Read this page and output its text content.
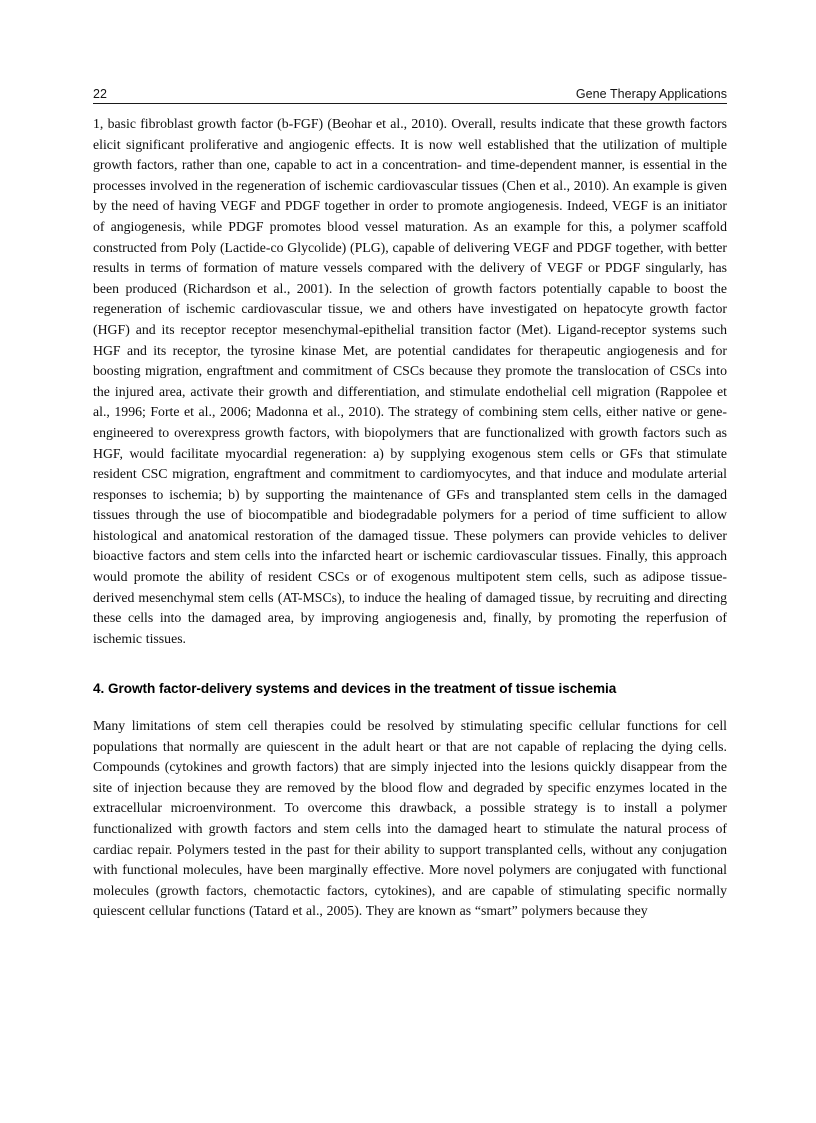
22	Gene Therapy Applications

1, basic fibroblast growth factor (b-FGF) (Beohar et al., 2010). Overall, results indicate that these growth factors elicit significant proliferative and angiogenic effects. It is now well established that the utilization of multiple growth factors, rather than one, capable to act in a concentration- and time-dependent manner, is essential in the processes involved in the regeneration of ischemic cardiovascular tissues (Chen et al., 2010). An example is given by the need of having VEGF and PDGF together in order to promote angiogenesis. Indeed, VEGF is an initiator of angiogenesis, while PDGF promotes blood vessel maturation. As an example for this, a polymer scaffold constructed from Poly (Lactide-co Glycolide) (PLG), capable of delivering VEGF and PDGF together, with better results in terms of formation of mature vessels compared with the delivery of VEGF or PDGF singularly, has been produced (Richardson et al., 2001). In the selection of growth factors potentially capable to boost the regeneration of ischemic cardiovascular tissue, we and others have investigated on hepatocyte growth factor (HGF) and its receptor receptor mesenchymal-epithelial transition factor (Met). Ligand-receptor systems such HGF and its receptor, the tyrosine kinase Met, are potential candidates for therapeutic angiogenesis and for boosting migration, engraftment and commitment of CSCs because they promote the translocation of CSCs into the injured area, activate their growth and differentiation, and stimulate endothelial cell migration (Rappolee et al., 1996; Forte et al., 2006; Madonna et al., 2010). The strategy of combining stem cells, either native or gene-engineered to overexpress growth factors, with biopolymers that are functionalized with growth factors such as HGF, would facilitate myocardial regeneration: a) by supplying exogenous stem cells or GFs that stimulate resident CSC migration, engraftment and commitment to cardiomyocytes, and that induce and modulate arterial responses to ischemia; b) by supporting the maintenance of GFs and transplanted stem cells in the damaged tissues through the use of biocompatible and biodegradable polymers for a period of time sufficient to allow histological and anatomical restoration of the damaged tissue. These polymers can provide vehicles to deliver bioactive factors and stem cells into the infarcted heart or ischemic cardiovascular tissues. Finally, this approach would promote the ability of resident CSCs or of exogenous multipotent stem cells, such as adipose tissue-derived mesenchymal stem cells (AT-MSCs), to induce the healing of damaged tissue, by recruiting and directing these cells into the damaged area, by improving angiogenesis and, finally, by promoting the reperfusion of ischemic tissues.

4. Growth factor-delivery systems and devices in the treatment of tissue ischemia

Many limitations of stem cell therapies could be resolved by stimulating specific cellular functions for cell populations that normally are quiescent in the adult heart or that are not capable of replacing the dying cells. Compounds (cytokines and growth factors) that are simply injected into the lesions quickly disappear from the site of injection because they are removed by the blood flow and degraded by specific enzymes located in the extracellular microenvironment. To overcome this drawback, a possible strategy is to install a polymer functionalized with growth factors and stem cells into the damaged heart to stimulate the natural process of cardiac repair. Polymers tested in the past for their ability to support transplanted cells, without any conjugation with functional molecules, have been marginally effective. More novel polymers are conjugated with functional molecules (growth factors, chemotactic factors, cytokines), and are capable of stimulating specific normally quiescent cellular functions (Tatard et al., 2005). They are known as “smart” polymers because they
